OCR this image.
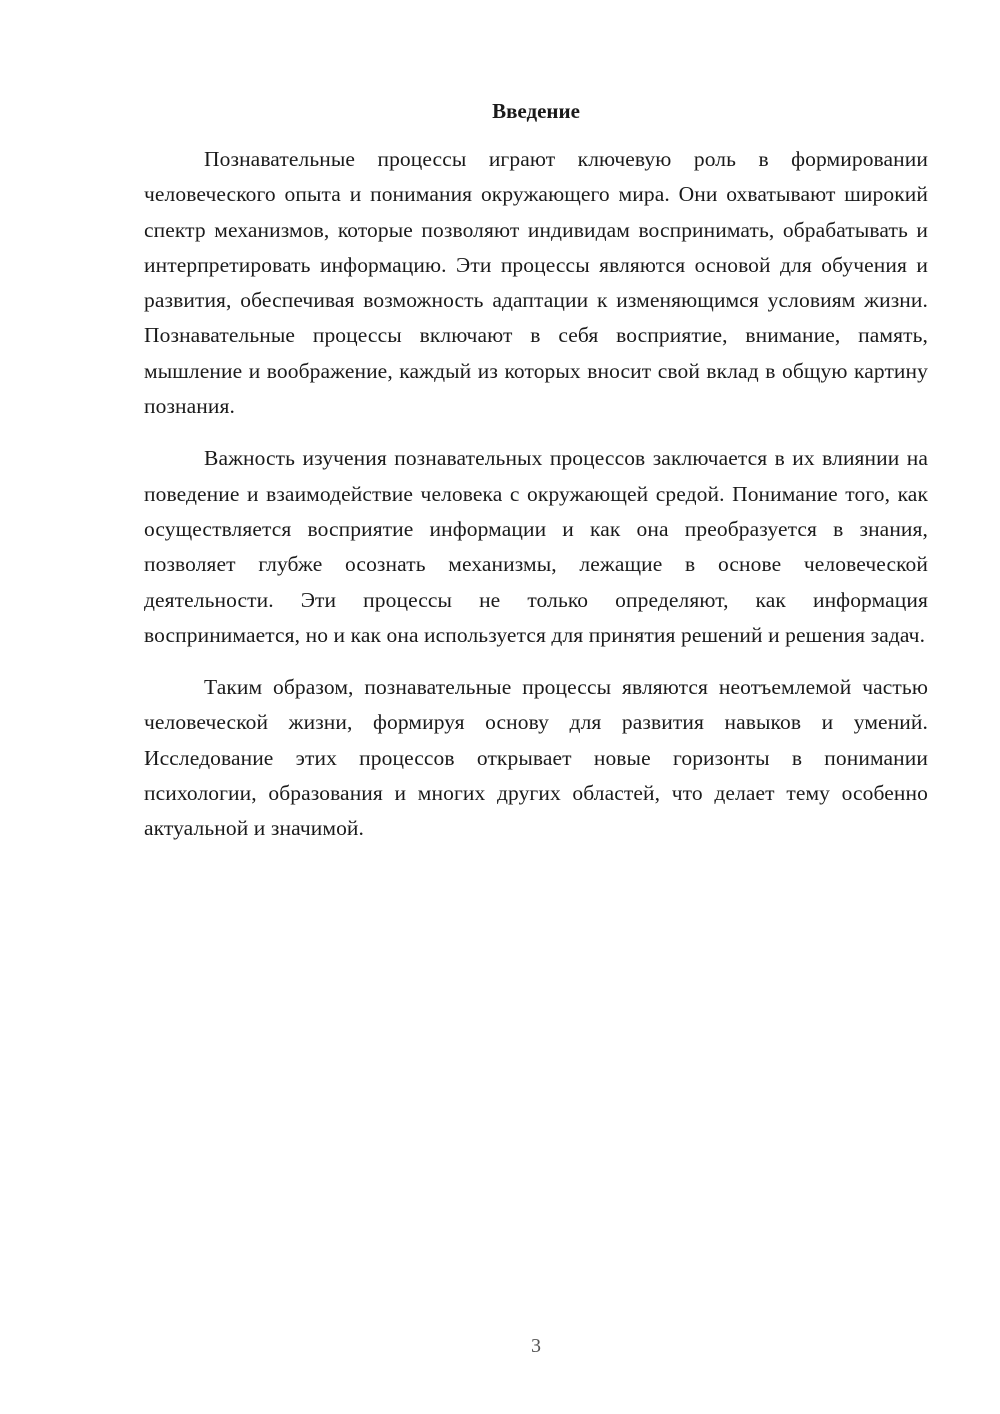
Введение

Познавательные процессы играют ключевую роль в формировании человеческого опыта и понимания окружающего мира. Они охватывают широкий спектр механизмов, которые позволяют индивидам воспринимать, обрабатывать и интерпретировать информацию. Эти процессы являются основой для обучения и развития, обеспечивая возможность адаптации к изменяющимся условиям жизни. Познавательные процессы включают в себя восприятие, внимание, память, мышление и воображение, каждый из которых вносит свой вклад в общую картину познания.

Важность изучения познавательных процессов заключается в их влиянии на поведение и взаимодействие человека с окружающей средой. Понимание того, как осуществляется восприятие информации и как она преобразуется в знания, позволяет глубже осознать механизмы, лежащие в основе человеческой деятельности. Эти процессы не только определяют, как информация воспринимается, но и как она используется для принятия решений и решения задач.

Таким образом, познавательные процессы являются неотъемлемой частью человеческой жизни, формируя основу для развития навыков и умений. Исследование этих процессов открывает новые горизонты в понимании психологии, образования и многих других областей, что делает тему особенно актуальной и значимой.

3
